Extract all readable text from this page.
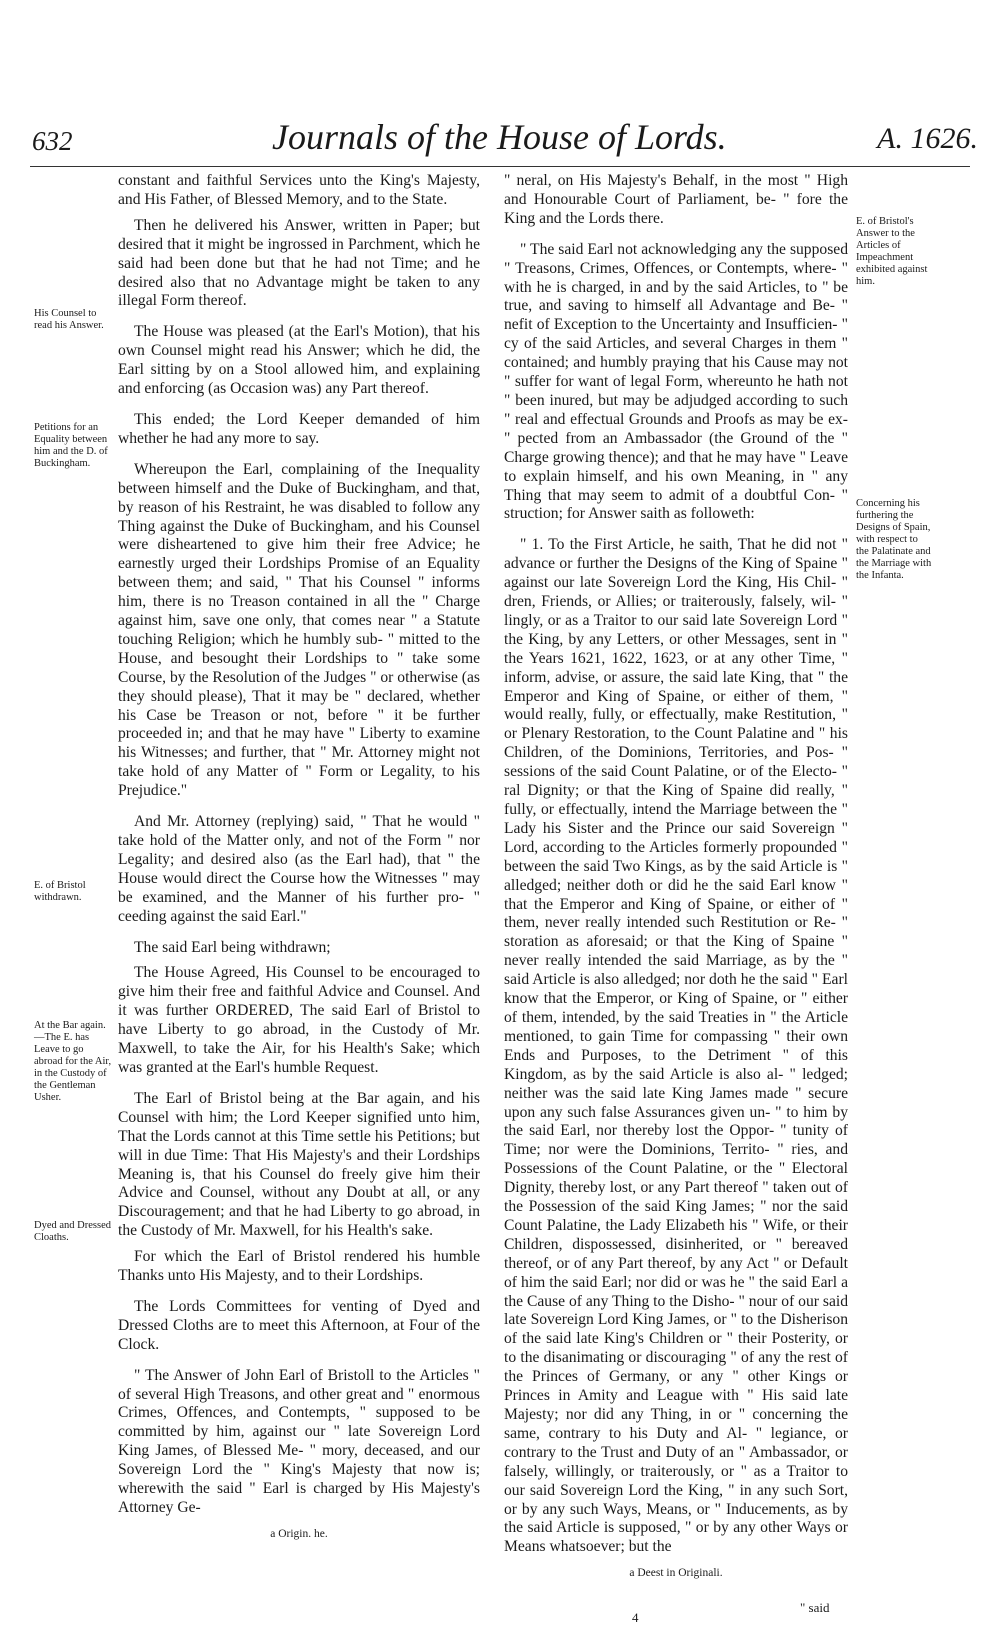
632	Journals of the House of Lords.	A. 1626.
His Counsel to read his Answer.
Petitions for an Equality between him and the D. of Buckingham.
E. of Bristol withdrawn.
At the Bar again.—The E. has Leave to go abroad for the Air, in the Custody of the Gentleman Usher.
Dyed and Dressed Cloaths.

constant and faithful Services unto the King's Majesty, and His Father, of Blessed Memory, and to the State.

Then he delivered his Answer, written in Paper; but desired that it might be ingrossed in Parchment, which he said had been done but that he had not Time; and he desired also that no Advantage might be taken to any illegal Form thereof.

The House was pleased (at the Earl's Motion), that his own Counsel might read his Answer; which he did, the Earl sitting by on a Stool allowed him, and explaining and enforcing (as Occasion was) any Part thereof.

This ended; the Lord Keeper demanded of him whether he had any more to say.

Whereupon the Earl, complaining of the Inequality between himself and the Duke of Buckingham, and that, by reason of his Restraint, he was disabled to follow any Thing against the Duke of Buckingham, and his Counsel were disheartened to give him their free Advice; he earnestly urged their Lordships Promise of an Equality between them; and said, " That his Counsel " informs him, there is no Treason contained in all the " Charge against him, save one only, that comes near " a Statute touching Religion; which he humbly sub- " mitted to the House, and besought their Lordships to " take some Course, by the Resolution of the Judges " or otherwise (as they should please), That it may be " declared, whether his Case be Treason or not, before " it be further proceeded in; and that he may have " Liberty to examine his Witnesses; and further, that " Mr. Attorney might not take hold of any Matter of " Form or Legality, to his Prejudice."

And Mr. Attorney (replying) said, " That he would " take hold of the Matter only, and not of the Form " nor Legality; and desired also (as the Earl had), that " the House would direct the Course how the Witnesses " may be examined, and the Manner of his further pro- " ceeding against the said Earl."

The said Earl being withdrawn;

The House Agreed, His Counsel to be encouraged to give him their free and faithful Advice and Counsel. And it was further ORDERED, The said Earl of Bristol to have Liberty to go abroad, in the Custody of Mr. Maxwell, to take the Air, for his Health's Sake; which was granted at the Earl's humble Request.

The Earl of Bristol being at the Bar again, and his Counsel with him; the Lord Keeper signified unto him, That the Lords cannot at this Time settle his Petitions; but will in due Time: That His Majesty's and their Lordships Meaning is, that his Counsel do freely give him their Advice and Counsel, without any Doubt at all, or any Discouragement; and that he had Liberty to go abroad, in the Custody of Mr. Maxwell, for his Health's sake.

For which the Earl of Bristol rendered his humble Thanks unto His Majesty, and to their Lordships.

The Lords Committees for venting of Dyed and Dressed Cloths are to meet this Afternoon, at Four of the Clock.

" The Answer of John Earl of Bristoll to the Articles " of several High Treasons, and other great and " enormous Crimes, Offences, and Contempts, " supposed to be committed by him, against our " late Sovereign Lord King James, of Blessed Me- " mory, deceased, and our Sovereign Lord the " King's Majesty that now is; wherewith the said " Earl is charged by His Majesty's Attorney Ge-

a Origin. he.

" neral, on His Majesty's Behalf, in the most " High and Honourable Court of Parliament, be- " fore the King and the Lords there.

" The said Earl not acknowledging any the supposed " Treasons, Crimes, Offences, or Contempts, where- " with he is charged, in and by the said Articles, to " be true, and saving to himself all Advantage and Be- " nefit of Exception to the Uncertainty and Insufficien- " cy of the said Articles, and several Charges in them " contained; and humbly praying that his Cause may not " suffer for want of legal Form, whereunto he hath not " been inured, but may be adjudged according to such " real and effectual Grounds and Proofs as may be ex- " pected from an Ambassador (the Ground of the " Charge growing thence); and that he may have " Leave to explain himself, and his own Meaning, in " any Thing that may seem to admit of a doubtful Con- " struction; for Answer saith as followeth:

" 1. To the First Article, he saith, That he did not " advance or further the Designs of the King of Spaine " against our late Sovereign Lord the King, His Chil- " dren, Friends, or Allies; or traiterously, falsely, wil- " lingly, or as a Traitor to our said late Sovereign Lord " the King, by any Letters, or other Messages, sent in " the Years 1621, 1622, 1623, or at any other Time, " inform, advise, or assure, the said late King, that " the Emperor and King of Spaine, or either of them, " would really, fully, or effectually, make Restitution, " or Plenary Restoration, to the Count Palatine and " his Children, of the Dominions, Territories, and Pos- " sessions of the said Count Palatine, or of the Electo- " ral Dignity; or that the King of Spaine did really, " fully, or effectually, intend the Marriage between the " Lady his Sister and the Prince our said Sovereign " Lord, according to the Articles formerly propounded " between the said Two Kings, as by the said Article is " alledged; neither doth or did he the said Earl know " that the Emperor and King of Spaine, or either of " them, never really intended such Restitution or Re- " storation as aforesaid; or that the King of Spaine " never really intended the said Marriage, as by the " said Article is also alledged; nor doth he the said " Earl know that the Emperor, or King of Spaine, or " either of them, intended, by the said Treaties in " the Article mentioned, to gain Time for compassing " their own Ends and Purposes, to the Detriment " of this Kingdom, as by the said Article is also al- " ledged; neither was the said late King James made " secure upon any such false Assurances given un- " to him by the said Earl, nor thereby lost the Oppor- " tunity of Time; nor were the Dominions, Territo- " ries, and Possessions of the Count Palatine, or the " Electoral Dignity, thereby lost, or any Part thereof " taken out of the Possession of the said King James; " nor the said Count Palatine, the Lady Elizabeth his " Wife, or their Children, dispossessed, disinherited, or " bereaved thereof, or of any Part thereof, by any Act " or Default of him the said Earl; nor did or was he " the said Earl a the Cause of any Thing to the Disho- " nour of our said late Sovereign Lord King James, or " to the Disherison of the said late King's Children or " their Posterity, or to the disanimating or discouraging " of any the rest of the Princes of Germany, or any " other Kings or Princes in Amity and League with " His said late Majesty; nor did any Thing, in or " concerning the same, contrary to his Duty and Al- " legiance, or contrary to the Trust and Duty of an " Ambassador, or falsely, willingly, or traiterously, or " as a Traitor to our said Sovereign Lord the King, " in any such Sort, or by any such Ways, Means, or " Inducements, as by the said Article is supposed, " or by any other Ways or Means whatsoever; but the

a Deest in Originali.

E. of Bristol's Answer to the Articles of Impeachment exhibited against him.
Concerning his furthering the Designs of Spain, with respect to the Palatinate and the Marriage with the Infanta.
" said
4
